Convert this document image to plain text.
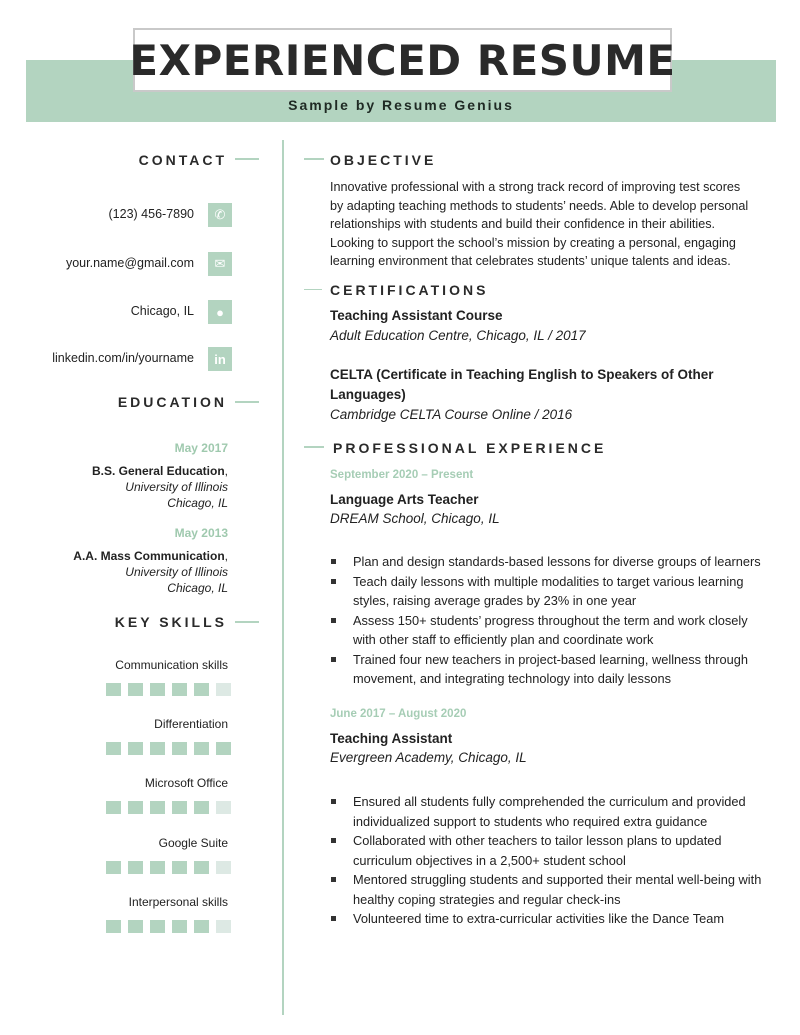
EXPERIENCED RESUME
Sample by Resume Genius
CONTACT
(123) 456-7890	✆
your.name@gmail.com	✉
Chicago, IL	●
linkedin.com/in/yourname	in
EDUCATION
May 2017
B.S. General Education,
University of Illinois
Chicago, IL
May 2013
A.A. Mass Communication,
University of Illinois
Chicago, IL
KEY SKILLS
Communication skills
Differentiation
Microsoft Office
Google Suite
Interpersonal skills
OBJECTIVE

Innovative professional with a strong track record of improving test scores by adapting teaching methods to students’ needs. Able to develop personal relationships with students and build their confidence in their abilities. Looking to support the school’s mission by creating a personal, engaging learning environment that celebrates students’ unique talents and ideas.

CERTIFICATIONS
Teaching Assistant Course
Adult Education Centre, Chicago, IL / 2017
CELTA (Certificate in Teaching English to Speakers of Other Languages)
Cambridge CELTA Course Online / 2016
PROFESSIONAL EXPERIENCE
September 2020 – Present
Language Arts Teacher
DREAM School, Chicago, IL
Plan and design standards-based lessons for diverse groups of learners
Teach daily lessons with multiple modalities to target various learning styles, raising average grades by 23% in one year
Assess 150+ students’ progress throughout the term and work closely with other staff to efficiently plan and coordinate work
Trained four new teachers in project-based learning, wellness through movement, and integrating technology into daily lessons
June 2017 – August 2020
Teaching Assistant
Evergreen Academy, Chicago, IL
Ensured all students fully comprehended the curriculum and provided individualized support to students who required extra guidance
Collaborated with other teachers to tailor lesson plans to updated curriculum objectives in a 2,500+ student school
Mentored struggling students and supported their mental well-being with healthy coping strategies and regular check-ins
Volunteered time to extra-curricular activities like the Dance Team
